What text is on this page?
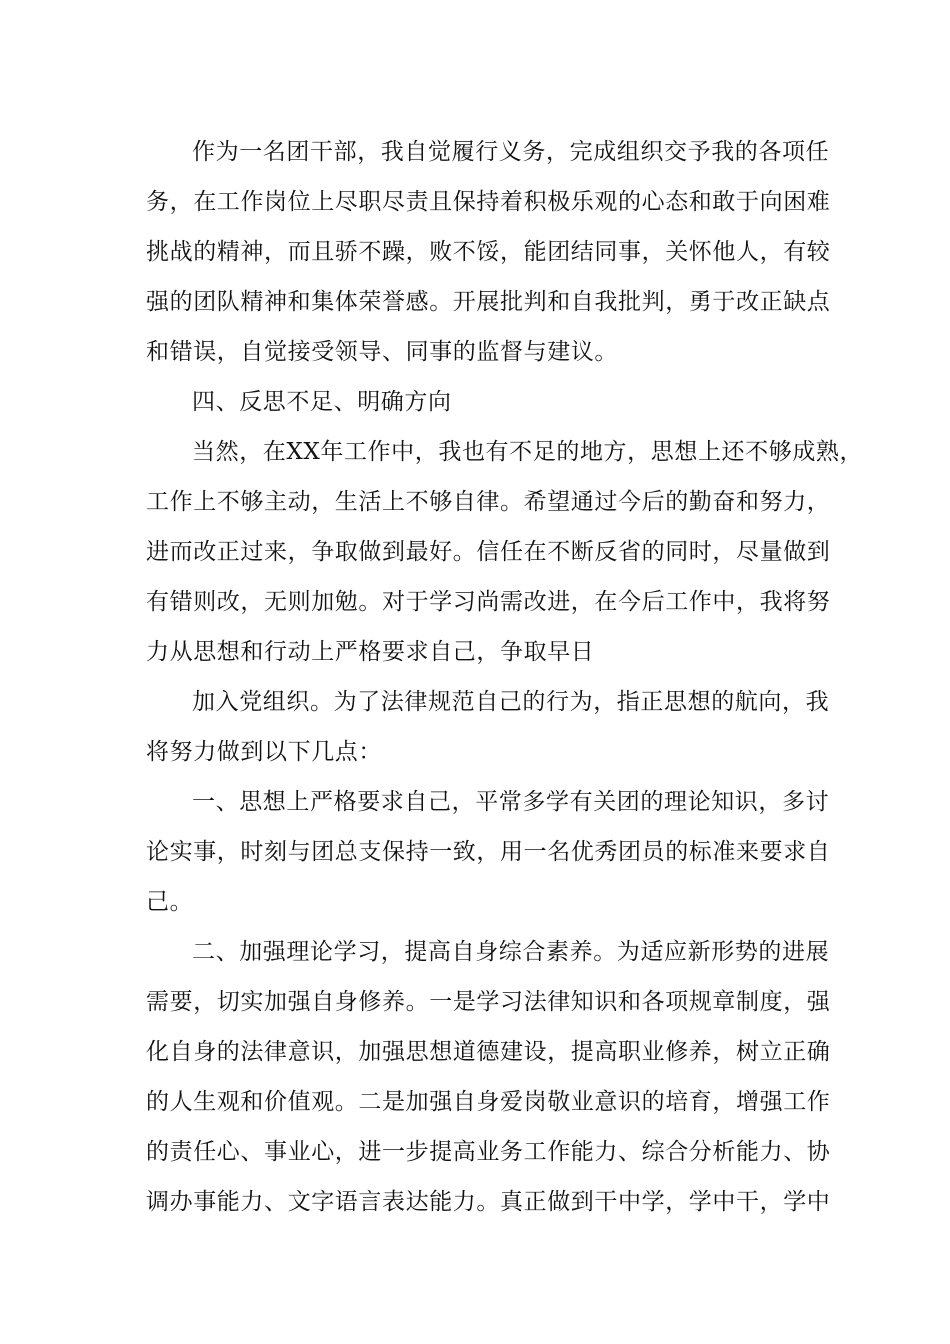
作为一名团干部，我自觉履行义务，完成组织交予我的各项任
务，在工作岗位上尽职尽责且保持着积极乐观的心态和敢于向困难
挑战的精神，而且骄不躁，败不馁，能团结同事，关怀他人，有较
强的团队精神和集体荣誉感。开展批判和自我批判，勇于改正缺点
和错误，自觉接受领导、同事的监督与建议。
四、反思不足、明确方向
当然，在XX年工作中，我也有不足的地方，思想上还不够成熟，
工作上不够主动，生活上不够自律。希望通过今后的勤奋和努力，
进而改正过来，争取做到最好。信任在不断反省的同时，尽量做到
有错则改，无则加勉。对于学习尚需改进，在今后工作中，我将努
力从思想和行动上严格要求自己，争取早日
加入党组织。为了法律规范自己的行为，指正思想的航向，我
将努力做到以下几点：
一、思想上严格要求自己，平常多学有关团的理论知识，多讨
论实事，时刻与团总支保持一致，用一名优秀团员的标准来要求自
己。
二、加强理论学习，提高自身综合素养。为适应新形势的进展
需要，切实加强自身修养。一是学习法律知识和各项规章制度，强
化自身的法律意识，加强思想道德建设，提高职业修养，树立正确
的人生观和价值观。二是加强自身爱岗敬业意识的培育，增强工作
的责任心、事业心，进一步提高业务工作能力、综合分析能力、协
调办事能力、文字语言表达能力。真正做到干中学，学中干，学中
